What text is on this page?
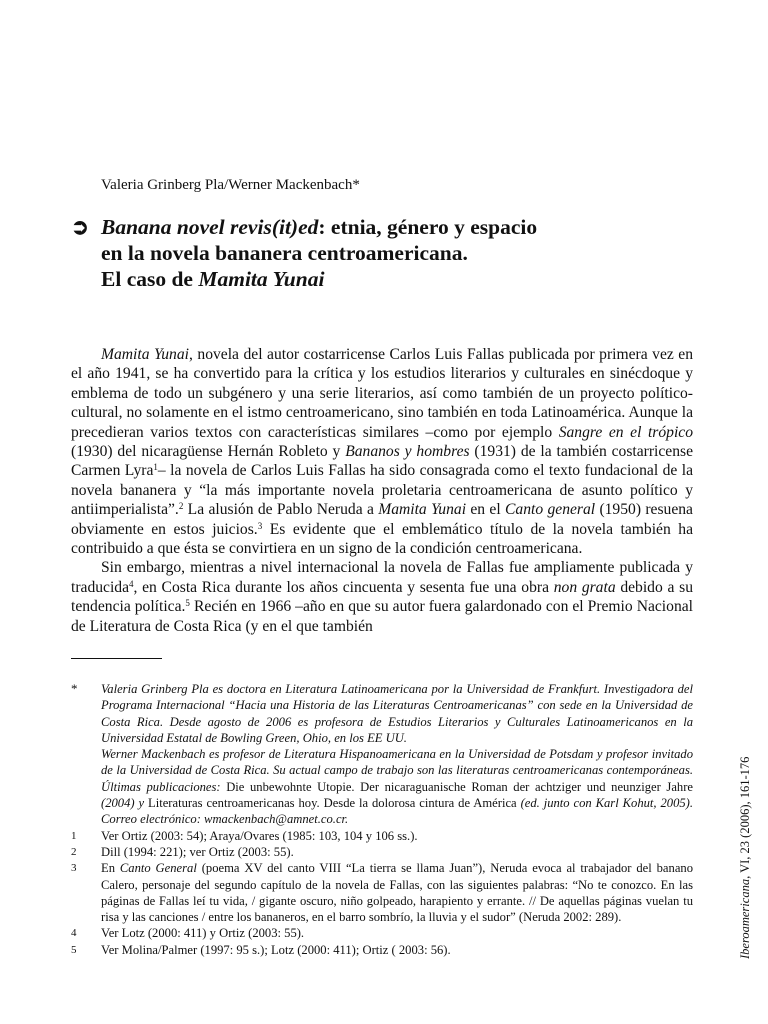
Valeria Grinberg Pla/Werner Mackenbach*
➲ Banana novel revis(it)ed: etnia, género y espacio
en la novela bananera centroamericana.
El caso de Mamita Yunai

Mamita Yunai, novela del autor costarricense Carlos Luis Fallas publicada por primera vez en el año 1941, se ha convertido para la crítica y los estudios literarios y culturales en sinécdoque y emblema de todo un subgénero y una serie literarios, así como también de un proyecto político-cultural, no solamente en el istmo centroamericano, sino también en toda Latinoamérica. Aunque la precedieran varios textos con características similares –como por ejemplo Sangre en el trópico (1930) del nicaragüense Hernán Robleto y Bananos y hombres (1931) de la también costarricense Carmen Lyra$^1$– la novela de Carlos Luis Fallas ha sido consagrada como el texto fundacional de la novela bananera y “la más importante novela proletaria centroamericana de asunto político y antiimperialista”.$^2$ La alusión de Pablo Neruda a Mamita Yunai en el Canto general (1950) resuena obviamente en estos juicios.$^3$ Es evidente que el emblemático título de la novela también ha contribuido a que ésta se convirtiera en un signo de la condición centroamericana.

Sin embargo, mientras a nivel internacional la novela de Fallas fue ampliamente publicada y traducida$^4$, en Costa Rica durante los años cincuenta y sesenta fue una obra non grata debido a su tendencia política.$^5$ Recién en 1966 –año en que su autor fuera galardonado con el Premio Nacional de Literatura de Costa Rica (y en el que también

* Valeria Grinberg Pla es doctora en Literatura Latinoamericana por la Universidad de Frankfurt. Investigadora del Programa Internacional “Hacia una Historia de las Literaturas Centroamericanas” con sede en la Universidad de Costa Rica. Desde agosto de 2006 es profesora de Estudios Literarios y Culturales Latinoamericanos en la Universidad Estatal de Bowling Green, Ohio, en los EE UU.
Werner Mackenbach es profesor de Literatura Hispanoamericana en la Universidad de Potsdam y profesor invitado de la Universidad de Costa Rica. Su actual campo de trabajo son las literaturas centroamericanas contemporáneas. Últimas publicaciones: Die unbewohnte Utopie. Der nicaraguanische Roman der achtziger und neunziger Jahre (2004) y Literaturas centroamericanas hoy. Desde la dolorosa cintura de América (ed. junto con Karl Kohut, 2005). Correo electrónico: wmackenbach@amnet.co.cr.
1 Ver Ortiz (2003: 54); Araya/Ovares (1985: 103, 104 y 106 ss.).
2 Dill (1994: 221); ver Ortiz (2003: 55).
3 En Canto General (poema XV del canto VIII “La tierra se llama Juan”), Neruda evoca al trabajador del banano Calero, personaje del segundo capítulo de la novela de Fallas, con las siguientes palabras: “No te conozco. En las páginas de Fallas leí tu vida, / gigante oscuro, niño golpeado, harapiento y errante. // De aquellas páginas vuelan tu risa y las canciones / entre los bananeros, en el barro sombrío, la lluvia y el sudor” (Neruda 2002: 289).
4 Ver Lotz (2000: 411) y Ortiz (2003: 55).
5 Ver Molina/Palmer (1997: 95 s.); Lotz (2000: 411); Ortiz ( 2003: 56).	Iberoamericana, VI, 23 (2006), 161-176
